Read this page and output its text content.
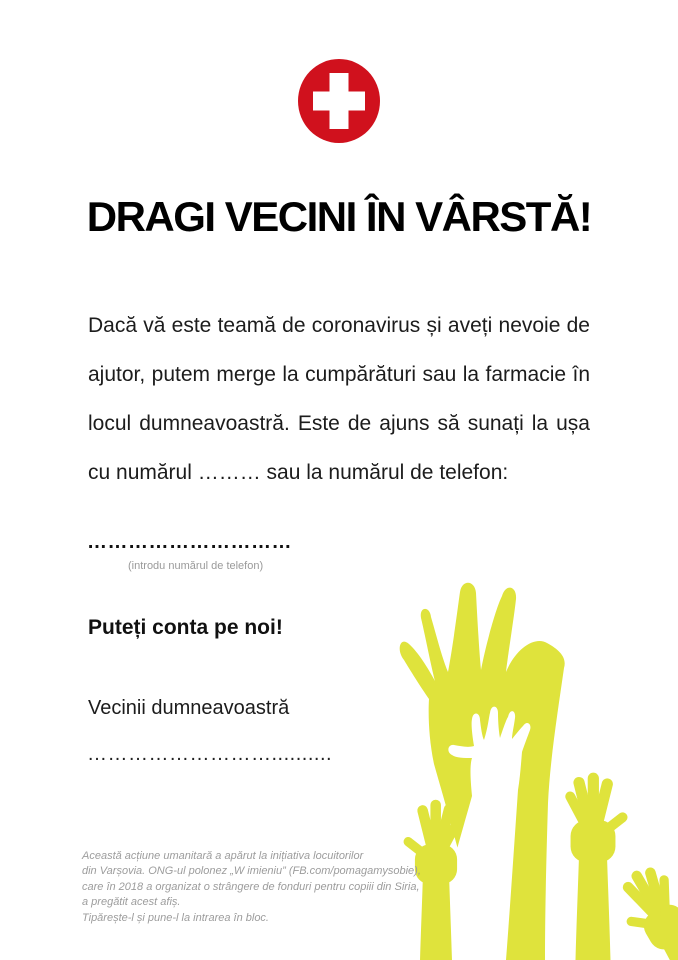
DRAGI VECINI ÎN VÂRSTĂ!
Dacă vă este teamă de coronavirus și aveți nevoie de
ajutor, putem merge la cumpărături sau la farmacie în
locul dumneavoastră. Este de ajuns să sunați la ușa
cu numărul ……… sau la numărul de telefon:
…………………………
(introdu numărul de telefon)
Puteți conta pe noi!
Vecinii dumneavoastră
………………………..........
Această acțiune umanitară a apărut la inițiativa locuitorilor
din Varșovia. ONG-ul polonez „W imieniu” (FB.com/pomagamysobie),
care în 2018 a organizat o strângere de fonduri pentru copiii din Siria,
a pregătit acest afiș.
Tipărește-l și pune-l la intrarea în bloc.
